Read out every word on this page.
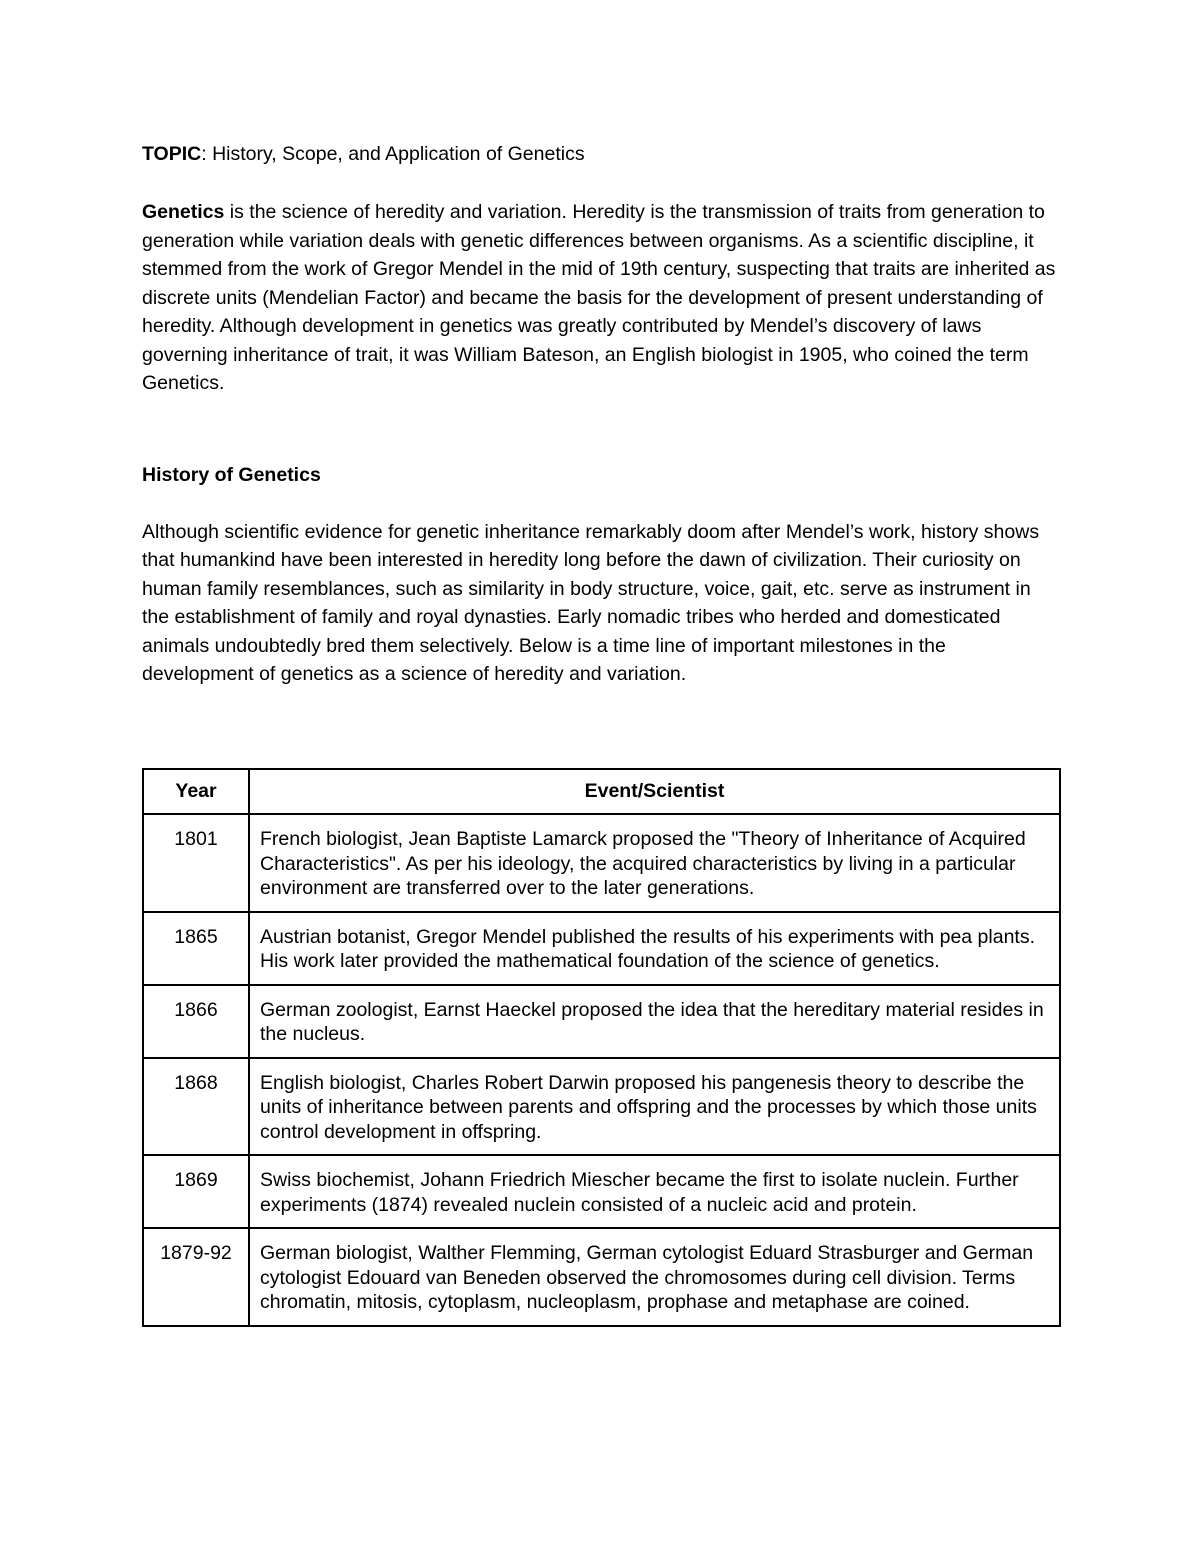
TOPIC: History, Scope, and Application of Genetics

Genetics is the science of heredity and variation. Heredity is the transmission of traits from generation to generation while variation deals with genetic differences between organisms. As a scientific discipline, it stemmed from the work of Gregor Mendel in the mid of 19th century, suspecting that traits are inherited as discrete units (Mendelian Factor) and became the basis for the development of present understanding of heredity. Although development in genetics was greatly contributed by Mendel’s discovery of laws governing inheritance of trait, it was William Bateson, an English biologist in 1905, who coined the term Genetics.

History of Genetics

Although scientific evidence for genetic inheritance remarkably doom after Mendel’s work, history shows that humankind have been interested in heredity long before the dawn of civilization. Their curiosity on human family resemblances, such as similarity in body structure, voice, gait, etc. serve as instrument in the establishment of family and royal dynasties. Early nomadic tribes who herded and domesticated animals undoubtedly bred them selectively. Below is a time line of important milestones in the development of genetics as a science of heredity and variation.

Year	Event/Scientist
1801	French biologist, Jean Baptiste Lamarck proposed the "Theory of Inheritance of Acquired Characteristics". As per his ideology, the acquired characteristics by living in a particular environment are transferred over to the later generations.
1865	Austrian botanist, Gregor Mendel published the results of his experiments with pea plants. His work later provided the mathematical foundation of the science of genetics.
1866	German zoologist, Earnst Haeckel proposed the idea that the hereditary material resides in the nucleus.
1868	English biologist, Charles Robert Darwin proposed his pangenesis theory to describe the units of inheritance between parents and offspring and the processes by which those units control development in offspring.
1869	Swiss biochemist, Johann Friedrich Miescher became the first to isolate nuclein. Further experiments (1874) revealed nuclein consisted of a nucleic acid and protein.
1879-92	German biologist, Walther Flemming, German cytologist Eduard Strasburger and German cytologist Edouard van Beneden observed the chromosomes during cell division. Terms chromatin, mitosis, cytoplasm, nucleoplasm, prophase and metaphase are coined.
